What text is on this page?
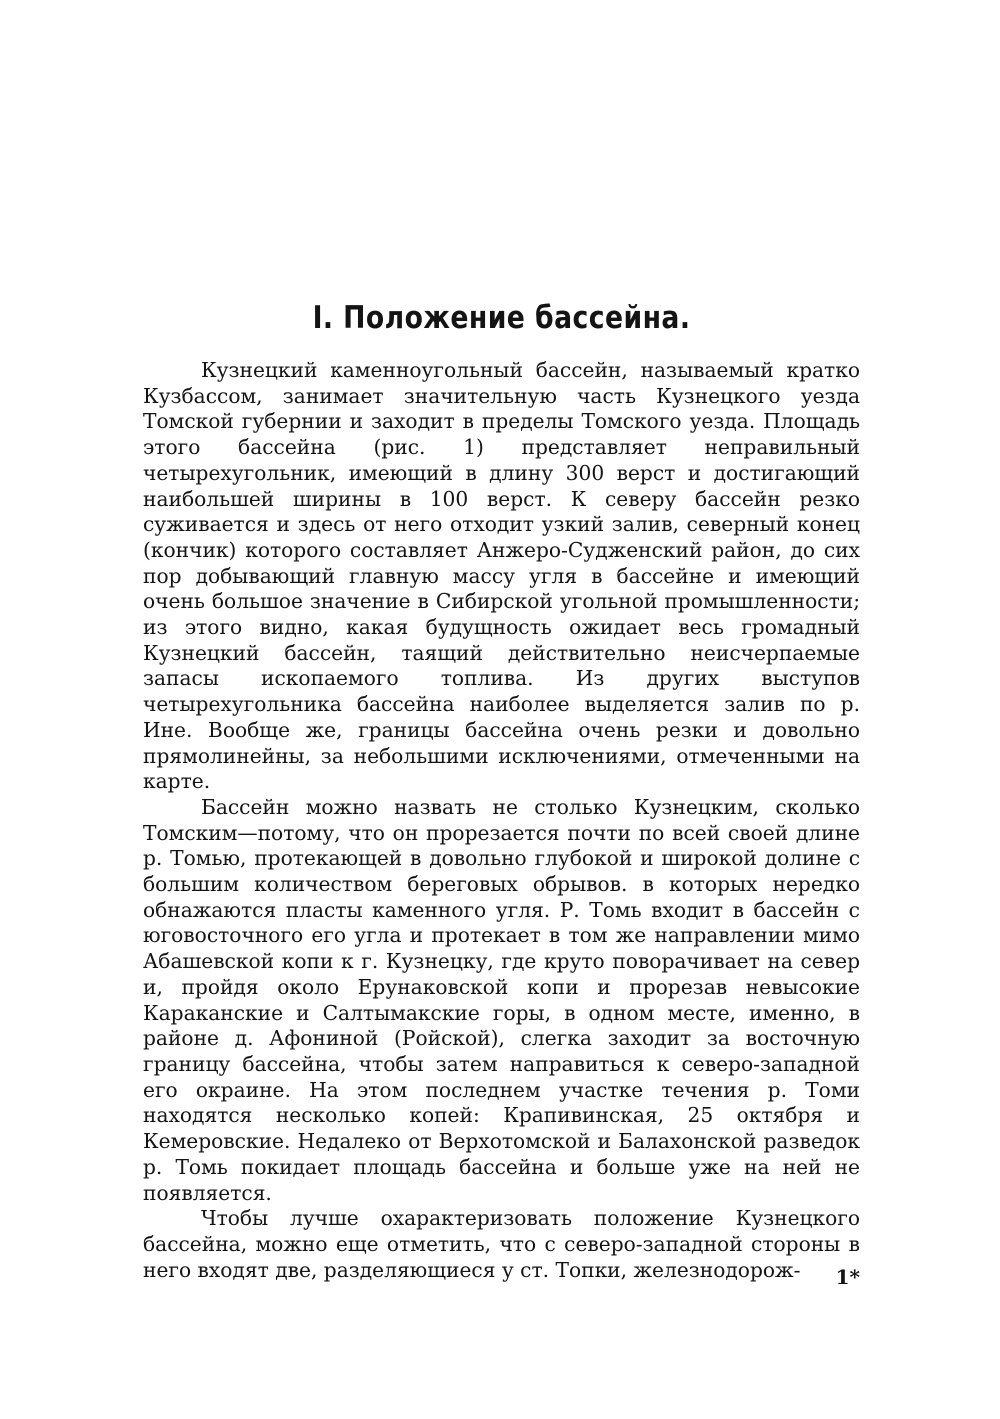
I. Положение бассейна.

Кузнецкий каменноугольный бассейн, называемый кратко Кузбассом, занимает значительную часть Кузнецкого уезда Томской губернии и заходит в пределы Томского уезда. Площадь этого бассейна (рис. 1) представляет неправильный четырехугольник, имеющий в длину 300 верст и достигающий наибольшей ширины в 100 верст. К северу бассейн резко суживается и здесь от него отходит узкий залив, северный конец (кончик) которого составляет Анжеро-Судженский район, до сих пор добывающий главную массу угля в бассейне и имеющий очень большое значение в Сибирской угольной промышленности; из этого видно, какая будущность ожидает весь громадный Кузнецкий бассейн, таящий действительно неисчерпаемые запасы ископаемого топлива. Из других выступов четырехугольника бассейна наиболее выделяется залив по р. Ине. Вообще же, границы бассейна очень резки и довольно прямолинейны, за небольшими исключениями, отмеченными на карте.

Бассейн можно назвать не столько Кузнецким, сколько Томским—потому, что он прорезается почти по всей своей длине р. Томью, протекающей в довольно глубокой и широкой долине с большим количеством береговых обрывов. в которых нередко обнажаются пласты каменного угля. Р. Томь входит в бассейн с юговосточного его угла и протекает в том же направлении мимо Абашевской копи к г. Кузнецку, где круто поворачивает на север и, пройдя около Ерунаковской копи и прорезав невысокие Караканские и Салтымакские горы, в одном месте, именно, в районе д. Афониной (Ройской), слегка заходит за восточную границу бассейна, чтобы затем направиться к северо-западной его окраине. На этом последнем участке течения р. Томи находятся несколько копей: Крапивинская, 25 октября и Кемеровские. Недалеко от Верхотомской и Балахонской разведок р. Томь покидает площадь бассейна и больше уже на ней не появляется.

Чтобы лучше охарактеризовать положение Кузнецкого бассейна, можно еще отметить, что с северо-западной стороны в него входят две, разделяющиеся у ст. Топки, железнодорож-	1*
